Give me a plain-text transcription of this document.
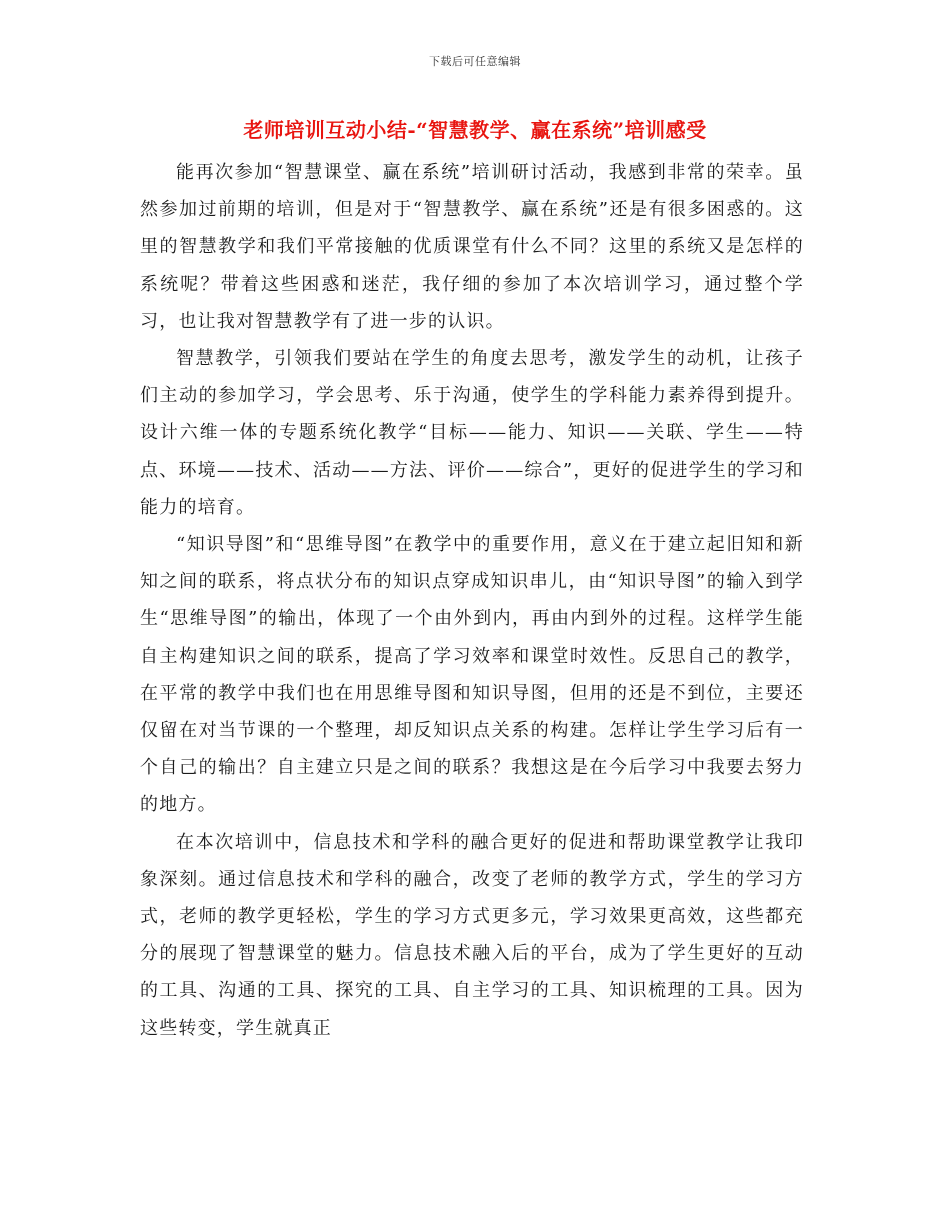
下载后可任意编辑
老师培训互动小结-“智慧教学、赢在系统”培训感受

能再次参加“智慧课堂、赢在系统”培训研讨活动，我感到非常的荣幸。虽然参加过前期的培训，但是对于“智慧教学、赢在系统”还是有很多困惑的。这里的智慧教学和我们平常接触的优质课堂有什么不同？这里的系统又是怎样的系统呢？带着这些困惑和迷茫，我仔细的参加了本次培训学习，通过整个学习，也让我对智慧教学有了进一步的认识。

智慧教学，引领我们要站在学生的角度去思考，激发学生的动机，让孩子们主动的参加学习，学会思考、乐于沟通，使学生的学科能力素养得到提升。设计六维一体的专题系统化教学“目标——能力、知识——关联、学生——特点、环境——技术、活动——方法、评价——综合”，更好的促进学生的学习和能力的培育。

“知识导图”和“思维导图”在教学中的重要作用，意义在于建立起旧知和新知之间的联系，将点状分布的知识点穿成知识串儿，由“知识导图”的输入到学生“思维导图”的输出，体现了一个由外到内，再由内到外的过程。这样学生能自主构建知识之间的联系，提高了学习效率和课堂时效性。反思自己的教学，在平常的教学中我们也在用思维导图和知识导图，但用的还是不到位，主要还仅留在对当节课的一个整理，却反知识点关系的构建。怎样让学生学习后有一个自己的输出？自主建立只是之间的联系？我想这是在今后学习中我要去努力的地方。

在本次培训中，信息技术和学科的融合更好的促进和帮助课堂教学让我印象深刻。通过信息技术和学科的融合，改变了老师的教学方式，学生的学习方式，老师的教学更轻松，学生的学习方式更多元，学习效果更高效，这些都充分的展现了智慧课堂的魅力。信息技术融入后的平台，成为了学生更好的互动的工具、沟通的工具、探究的工具、自主学习的工具、知识梳理的工具。因为这些转变，学生就真正
